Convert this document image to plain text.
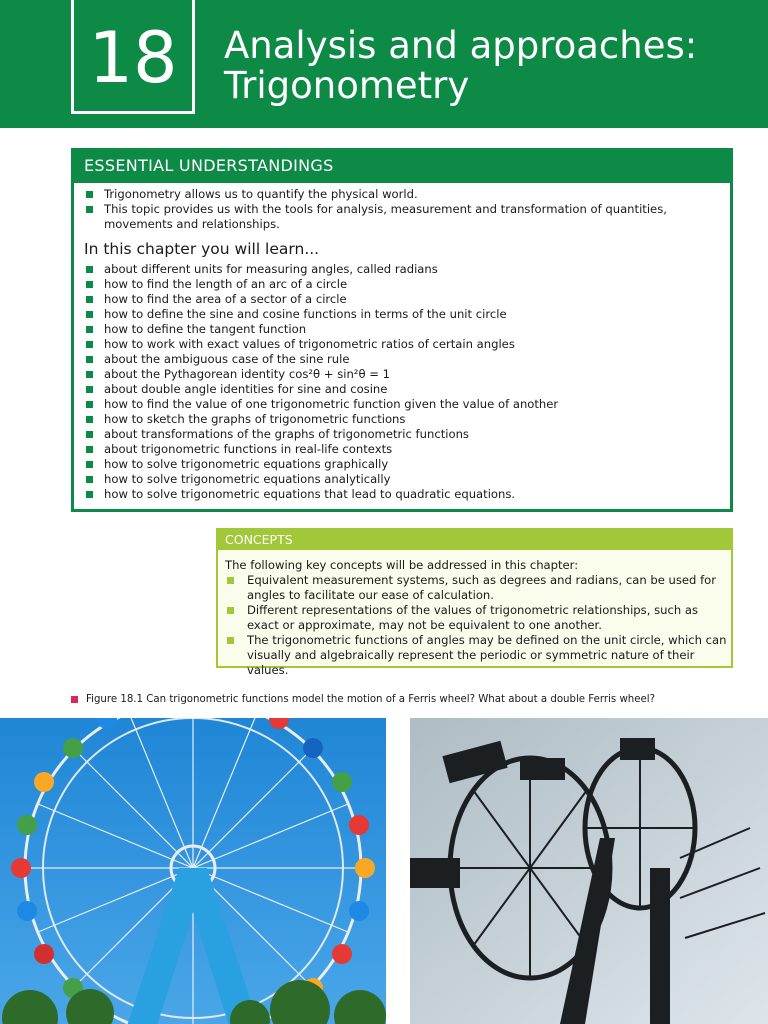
18	Analysis and approaches:
Trigonometry
ESSENTIAL UNDERSTANDINGS
Trigonometry allows us to quantify the physical world.
This topic provides us with the tools for analysis, measurement and transformation of quantities, movements and relationships.
In this chapter you will learn...
about different units for measuring angles, called radians
how to find the length of an arc of a circle
how to find the area of a sector of a circle
how to define the sine and cosine functions in terms of the unit circle
how to define the tangent function
how to work with exact values of trigonometric ratios of certain angles
about the ambiguous case of the sine rule
about the Pythagorean identity cos²θ + sin²θ = 1
about double angle identities for sine and cosine
how to find the value of one trigonometric function given the value of another
how to sketch the graphs of trigonometric functions
about transformations of the graphs of trigonometric functions
about trigonometric functions in real-life contexts
how to solve trigonometric equations graphically
how to solve trigonometric equations analytically
how to solve trigonometric equations that lead to quadratic equations.
CONCEPTS
The following key concepts will be addressed in this chapter:
Equivalent measurement systems, such as degrees and radians, can be used for angles to facilitate our ease of calculation.
Different representations of the values of trigonometric relationships, such as exact or approximate, may not be equivalent to one another.
The trigonometric functions of angles may be defined on the unit circle, which can visually and algebraically represent the periodic or symmetric nature of their values.
Figure 18.1 Can trigonometric functions model the motion of a Ferris wheel? What about a double Ferris wheel?
